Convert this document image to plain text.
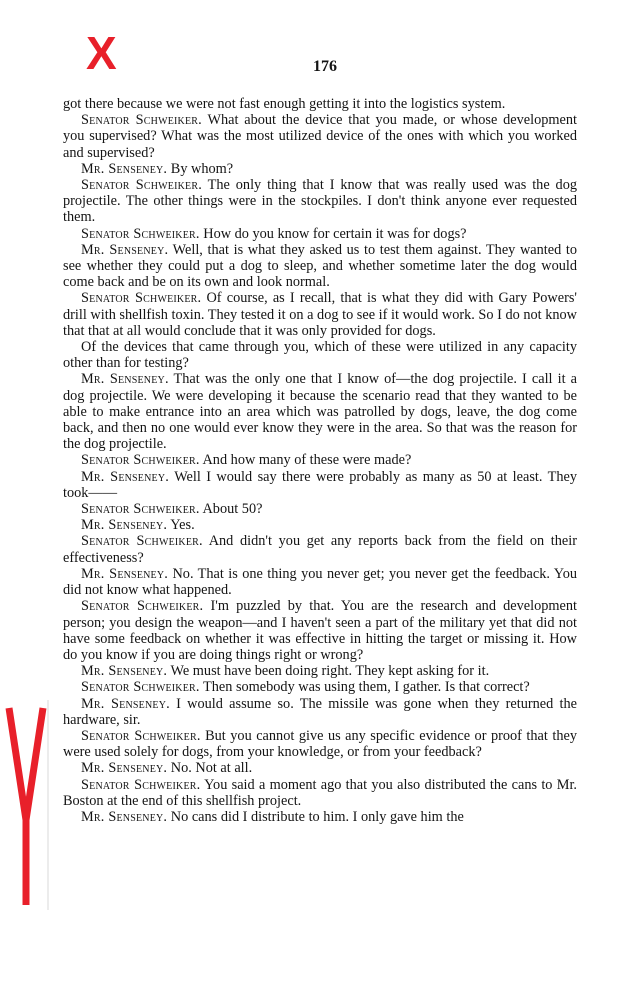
X	176

got there because we were not fast enough getting it into the logistics system.

Senator Schweiker. What about the device that you made, or whose development you supervised? What was the most utilized device of the ones with which you worked and supervised?

Mr. Senseney. By whom?

Senator Schweiker. The only thing that I know that was really used was the dog projectile. The other things were in the stockpiles. I don't think anyone ever requested them.

Senator Schweiker. How do you know for certain it was for dogs?

Mr. Senseney. Well, that is what they asked us to test them against. They wanted to see whether they could put a dog to sleep, and whether sometime later the dog would come back and be on its own and look normal.

Senator Schweiker. Of course, as I recall, that is what they did with Gary Powers' drill with shellfish toxin. They tested it on a dog to see if it would work. So I do not know that that at all would conclude that it was only provided for dogs.

Of the devices that came through you, which of these were utilized in any capacity other than for testing?

Mr. Senseney. That was the only one that I know of—the dog projectile. I call it a dog projectile. We were developing it because the scenario read that they wanted to be able to make entrance into an area which was patrolled by dogs, leave, the dog come back, and then no one would ever know they were in the area. So that was the reason for the dog projectile.

Senator Schweiker. And how many of these were made?

Mr. Senseney. Well I would say there were probably as many as 50 at least. They took——

Senator Schweiker. About 50?

Mr. Senseney. Yes.

Senator Schweiker. And didn't you get any reports back from the field on their effectiveness?

Mr. Senseney. No. That is one thing you never get; you never get the feedback. You did not know what happened.

Senator Schweiker. I'm puzzled by that. You are the research and development person; you design the weapon—and I haven't seen a part of the military yet that did not have some feedback on whether it was effective in hitting the target or missing it. How do you know if you are doing things right or wrong?

Mr. Senseney. We must have been doing right. They kept asking for it.

Senator Schweiker. Then somebody was using them, I gather. Is that correct?

Mr. Senseney. I would assume so. The missile was gone when they returned the hardware, sir.

Senator Schweiker. But you cannot give us any specific evidence or proof that they were used solely for dogs, from your knowledge, or from your feedback?

Mr. Senseney. No. Not at all.

Senator Schweiker. You said a moment ago that you also distributed the cans to Mr. Boston at the end of this shellfish project.

Mr. Senseney. No cans did I distribute to him. I only gave him the
